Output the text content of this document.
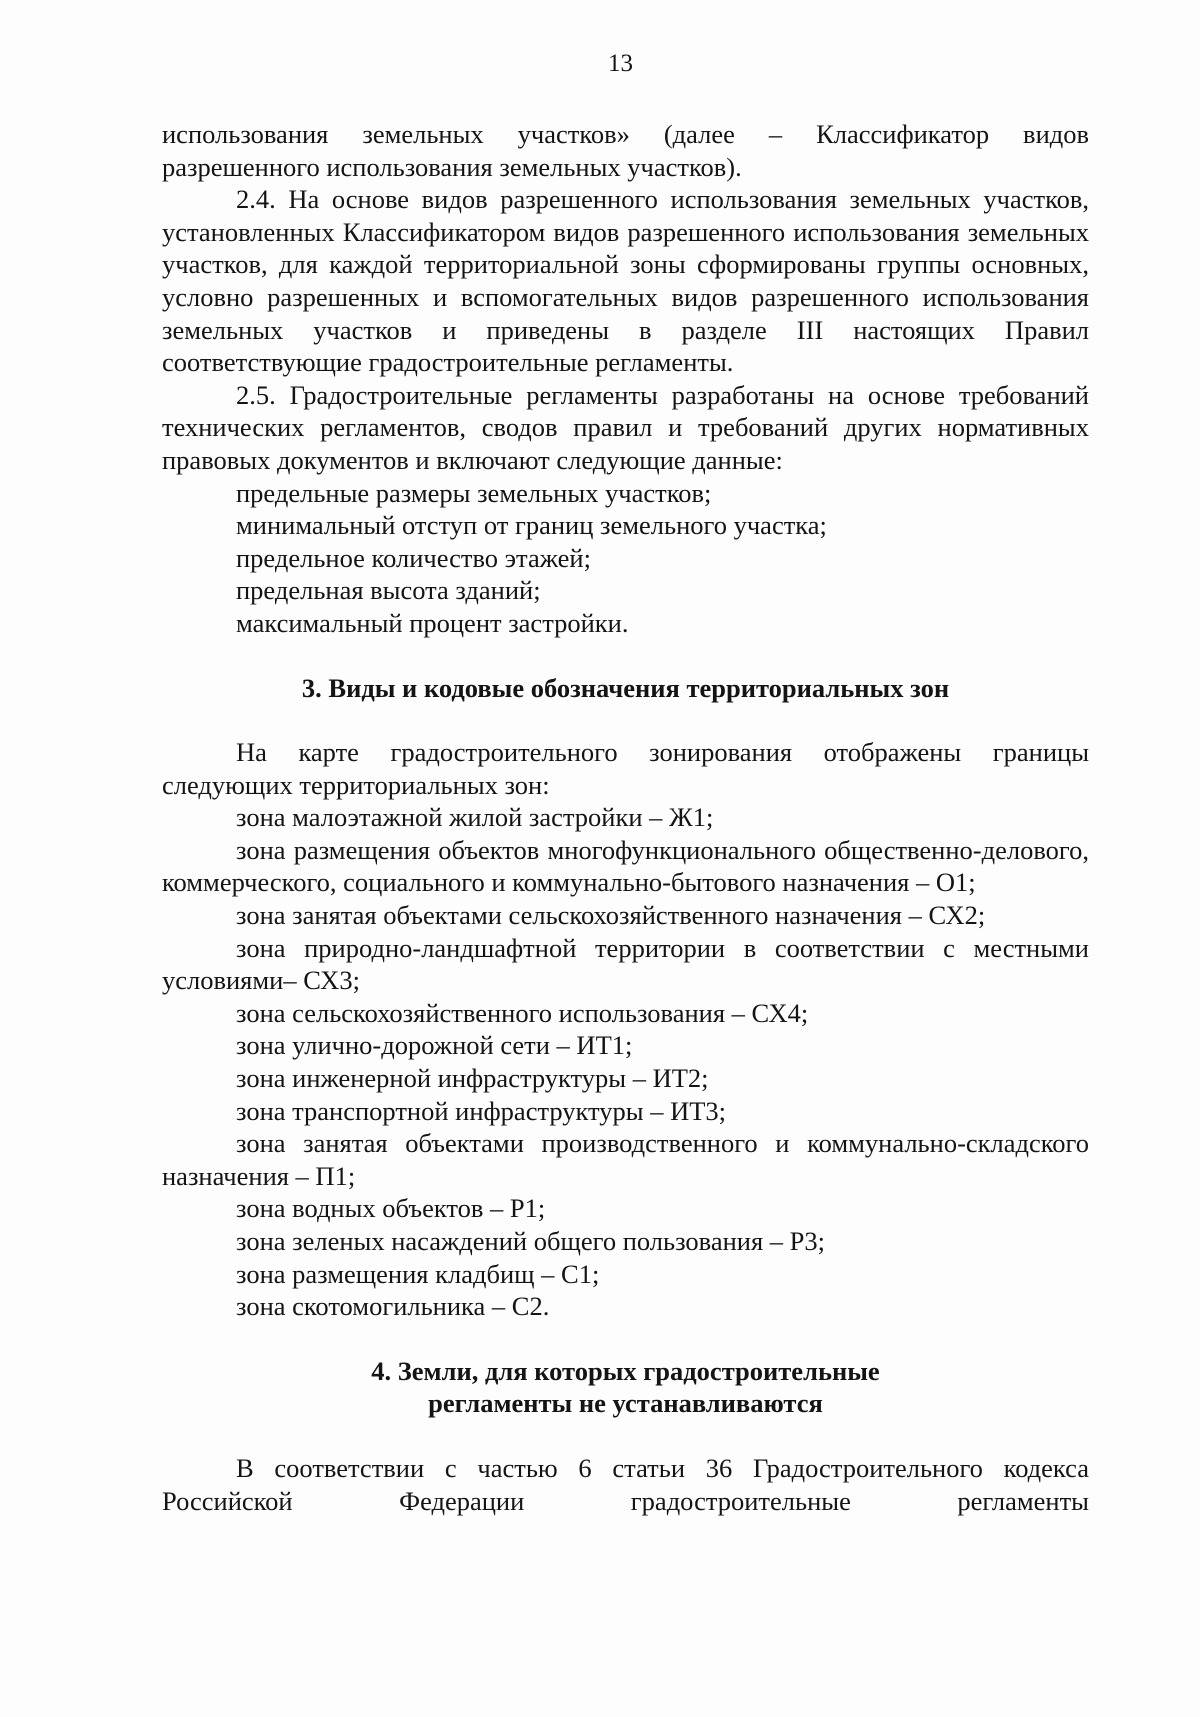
13

использования земельных участков» (далее – Классификатор видов разрешенного использования земельных участков).

2.4. На основе видов разрешенного использования земельных участков, установленных Классификатором видов разрешенного использования земельных участков, для каждой территориальной зоны сформированы группы основных, условно разрешенных и вспомогательных видов разрешенного использования земельных участков и приведены в разделе III настоящих Правил соответствующие градостроительные регламенты.

2.5. Градостроительные регламенты разработаны на основе требований технических регламентов, сводов правил и требований других нормативных правовых документов и включают следующие данные:

предельные размеры земельных участков;

минимальный отступ от границ земельного участка;

предельное количество этажей;

предельная высота зданий;

максимальный процент застройки.

3. Виды и кодовые обозначения территориальных зон

На карте градостроительного зонирования отображены границы следующих территориальных зон:

зона малоэтажной жилой застройки – Ж1;

зона размещения объектов многофункционального общественно-делового, коммерческого, социального и коммунально-бытового назначения – О1;

зона занятая объектами сельскохозяйственного назначения – СХ2;

зона природно-ландшафтной территории в соответствии с местными условиями– СХ3;

зона сельскохозяйственного использования – СХ4;

зона улично-дорожной сети – ИТ1;

зона инженерной инфраструктуры – ИТ2;

зона транспортной инфраструктуры – ИТ3;

зона занятая объектами производственного и коммунально-складского назначения – П1;

зона водных объектов – Р1;

зона зеленых насаждений общего пользования – Р3;

зона размещения кладбищ – С1;

зона скотомогильника – С2.

4. Земли, для которых градостроительные
регламенты не устанавливаются

В соответствии с частью 6 статьи 36 Градостроительного кодекса Российской Федерации градостроительные регламенты
